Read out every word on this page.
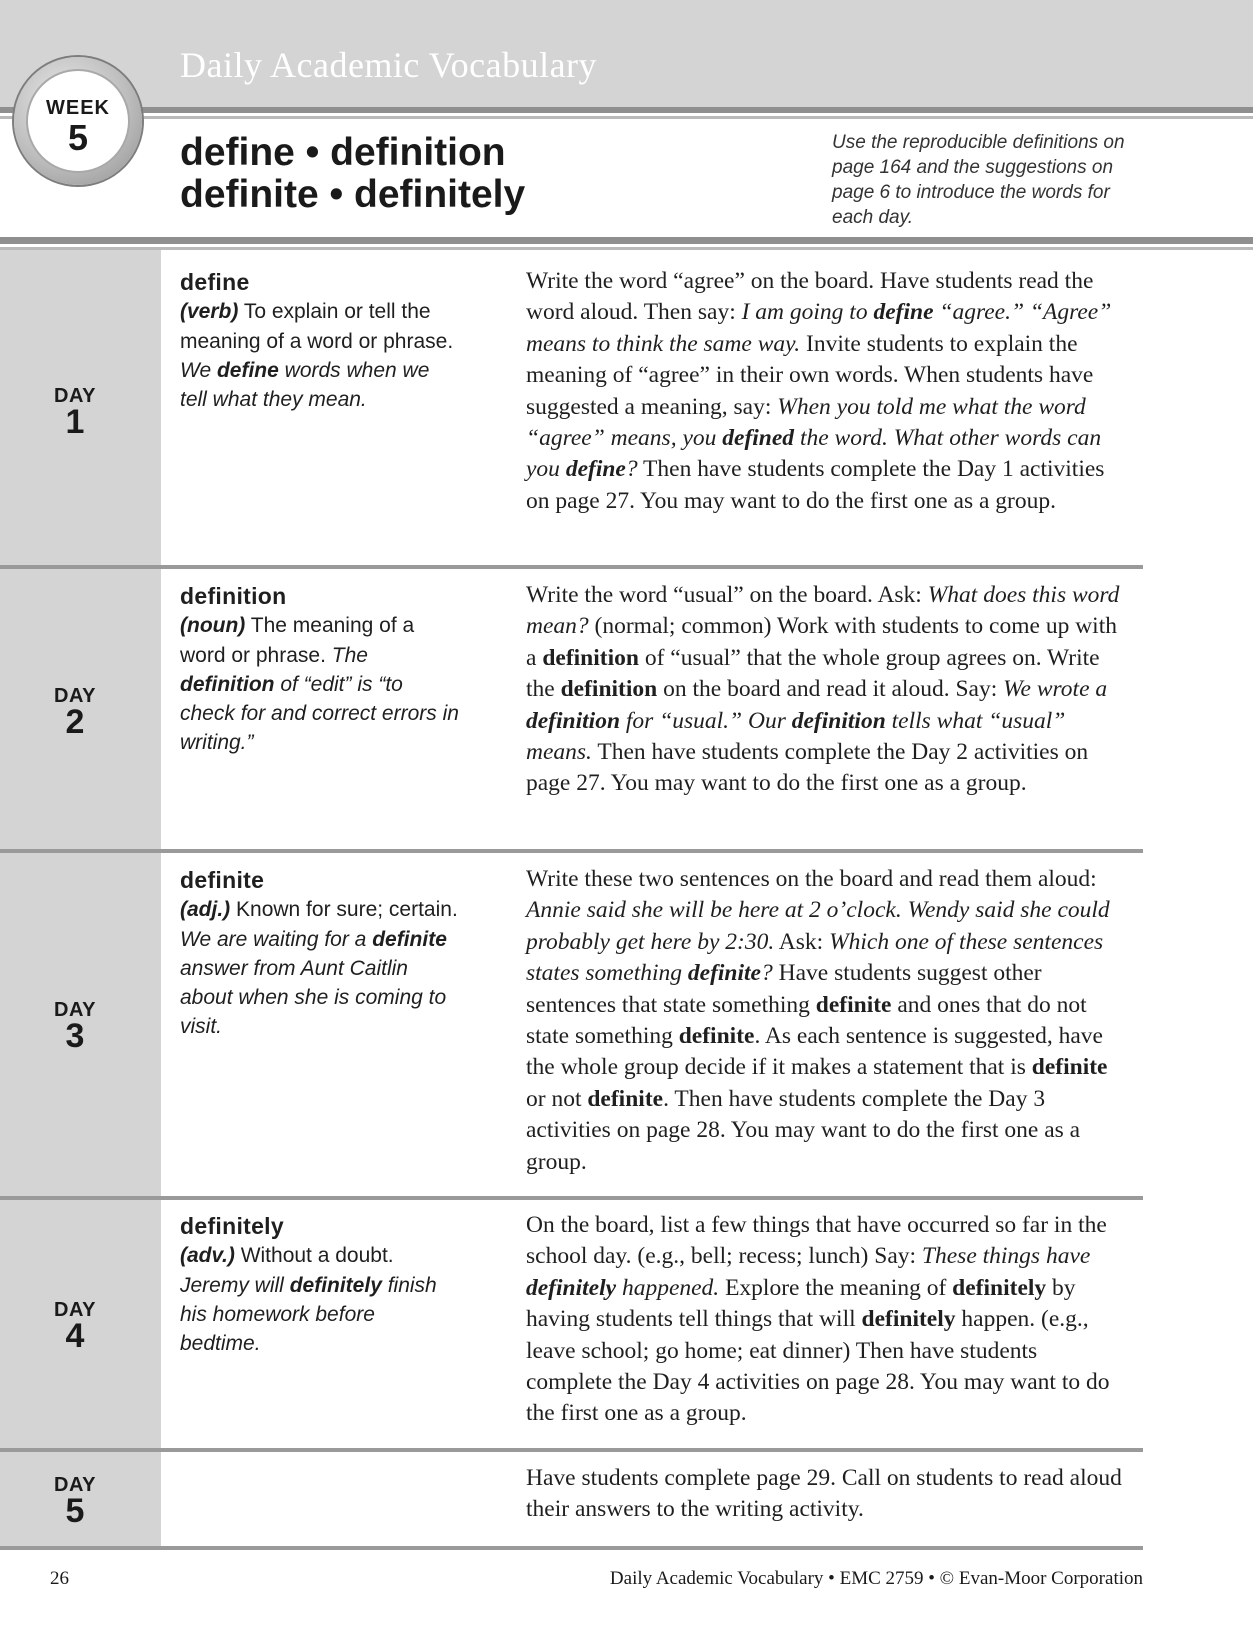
Daily Academic Vocabulary
WEEK
5	define • definition
definite • definitely
Use the reproducible definitions on page 164 and the suggestions on page 6 to introduce the words for each day.
DAY
1
define
(verb) To explain or tell the meaning of a word or phrase. We define words when we tell what they mean.
Write the word “agree” on the board. Have students read the word aloud. Then say: I am going to define “agree.” “Agree” means to think the same way. Invite students to explain the meaning of “agree” in their own words. When students have suggested a meaning, say: When you told me what the word “agree” means, you defined the word. What other words can you define? Then have students complete the Day 1 activities on page 27. You may want to do the first one as a group.
DAY
2
definition
(noun) The meaning of a word or phrase. The definition of “edit” is “to check for and correct errors in writing.”
Write the word “usual” on the board. Ask: What does this word mean? (normal; common) Work with students to come up with a definition of “usual” that the whole group agrees on. Write the definition on the board and read it aloud. Say: We wrote a definition for “usual.” Our definition tells what “usual” means. Then have students complete the Day 2 activities on page 27. You may want to do the first one as a group.
DAY
3
definite
(adj.) Known for sure; certain. We are waiting for a definite answer from Aunt Caitlin about when she is coming to visit.
Write these two sentences on the board and read them aloud: Annie said she will be here at 2 o’clock. Wendy said she could probably get here by 2:30. Ask: Which one of these sentences states something definite? Have students suggest other sentences that state something definite and ones that do not state something definite. As each sentence is suggested, have the whole group decide if it makes a statement that is definite or not definite. Then have students complete the Day 3 activities on page 28. You may want to do the first one as a group.
DAY
4
definitely
(adv.) Without a doubt. Jeremy will definitely finish his homework before bedtime.
On the board, list a few things that have occurred so far in the school day. (e.g., bell; recess; lunch) Say: These things have definitely happened. Explore the meaning of definitely by having students tell things that will definitely happen. (e.g., leave school; go home; eat dinner) Then have students complete the Day 4 activities on page 28. You may want to do the first one as a group.
DAY
5
Have students complete page 29. Call on students to read aloud their answers to the writing activity.
26	Daily Academic Vocabulary • EMC 2759 • © Evan-Moor Corporation
